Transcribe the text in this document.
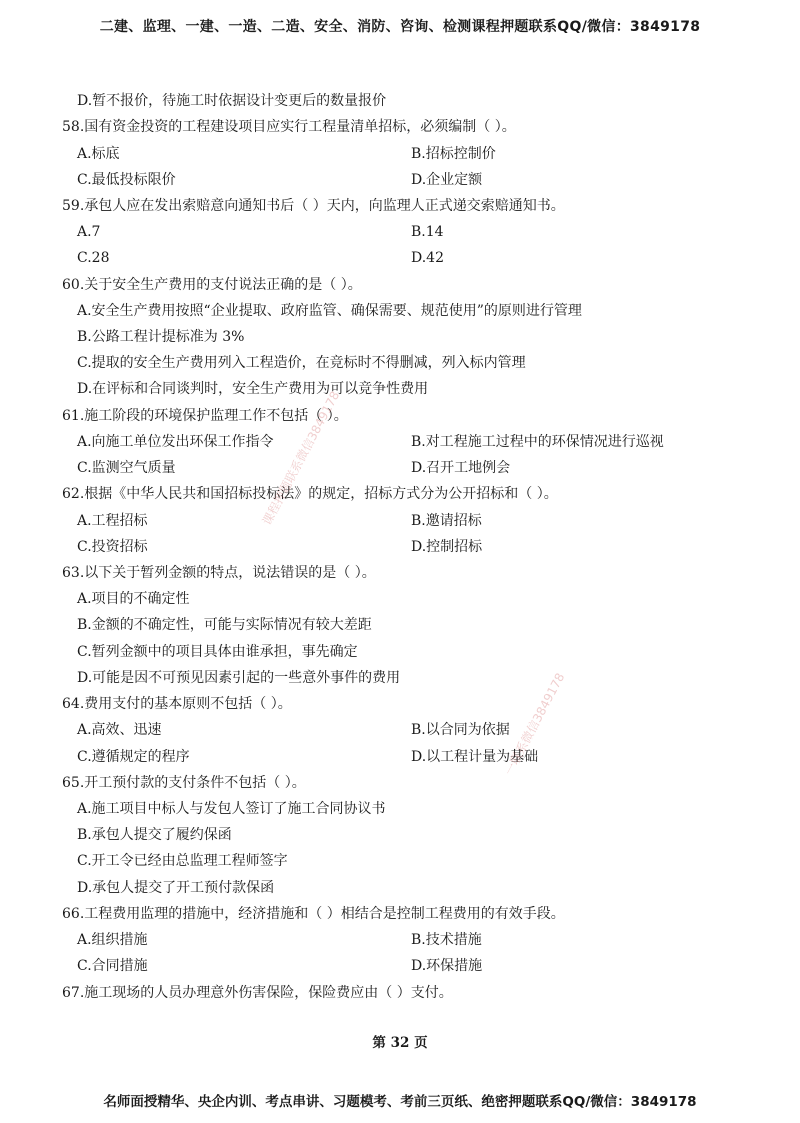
二建、监理、一建、一造、二造、安全、消防、咨询、检测课程押题联系QQ/微信：3849178
D.暂不报价，待施工时依据设计变更后的数量报价
58.国有资金投资的工程建设项目应实行工程量清单招标，必须编制（ ）。
A.标底	B.招标控制价
C.最低投标限价	D.企业定额
59.承包人应在发出索赔意向通知书后（ ）天内，向监理人正式递交索赔通知书。
A.7	B.14
C.28	D.42
60.关于安全生产费用的支付说法正确的是（ ）。
A.安全生产费用按照“企业提取、政府监管、确保需要、规范使用”的原则进行管理
B.公路工程计提标准为 3%
C.提取的安全生产费用列入工程造价，在竞标时不得删减，列入标内管理
D.在评标和合同谈判时，安全生产费用为可以竞争性费用
61.施工阶段的环境保护监理工作不包括（ ）。
A.向施工单位发出环保工作指令	B.对工程施工过程中的环保情况进行巡视
C.监测空气质量	D.召开工地例会
62.根据《中华人民共和国招标投标法》的规定，招标方式分为公开招标和（ ）。
A.工程招标	B.邀请招标
C.投资招标	D.控制招标
63.以下关于暂列金额的特点，说法错误的是（ ）。
A.项目的不确定性
B.金额的不确定性，可能与实际情况有较大差距
C.暂列金额中的项目具体由谁承担，事先确定
D.可能是因不可预见因素引起的一些意外事件的费用
64.费用支付的基本原则不包括（ ）。
A.高效、迅速	B.以合同为依据
C.遵循规定的程序	D.以工程计量为基础
65.开工预付款的支付条件不包括（ ）。
A.施工项目中标人与发包人签订了施工合同协议书
B.承包人提交了履约保函
C.开工令已经由总监理工程师签字
D.承包人提交了开工预付款保函
66.工程费用监理的措施中，经济措施和（ ）相结合是控制工程费用的有效手段。
A.组织措施	B.技术措施
C.合同措施	D.环保措施
67.施工现场的人员办理意外伤害保险，保险费应由（ ）支付。
课程押题联系微信3849178
一联系微信3849178
第 32 页
名师面授精华、央企内训、考点串讲、习题模考、考前三页纸、绝密押题联系QQ/微信：3849178
